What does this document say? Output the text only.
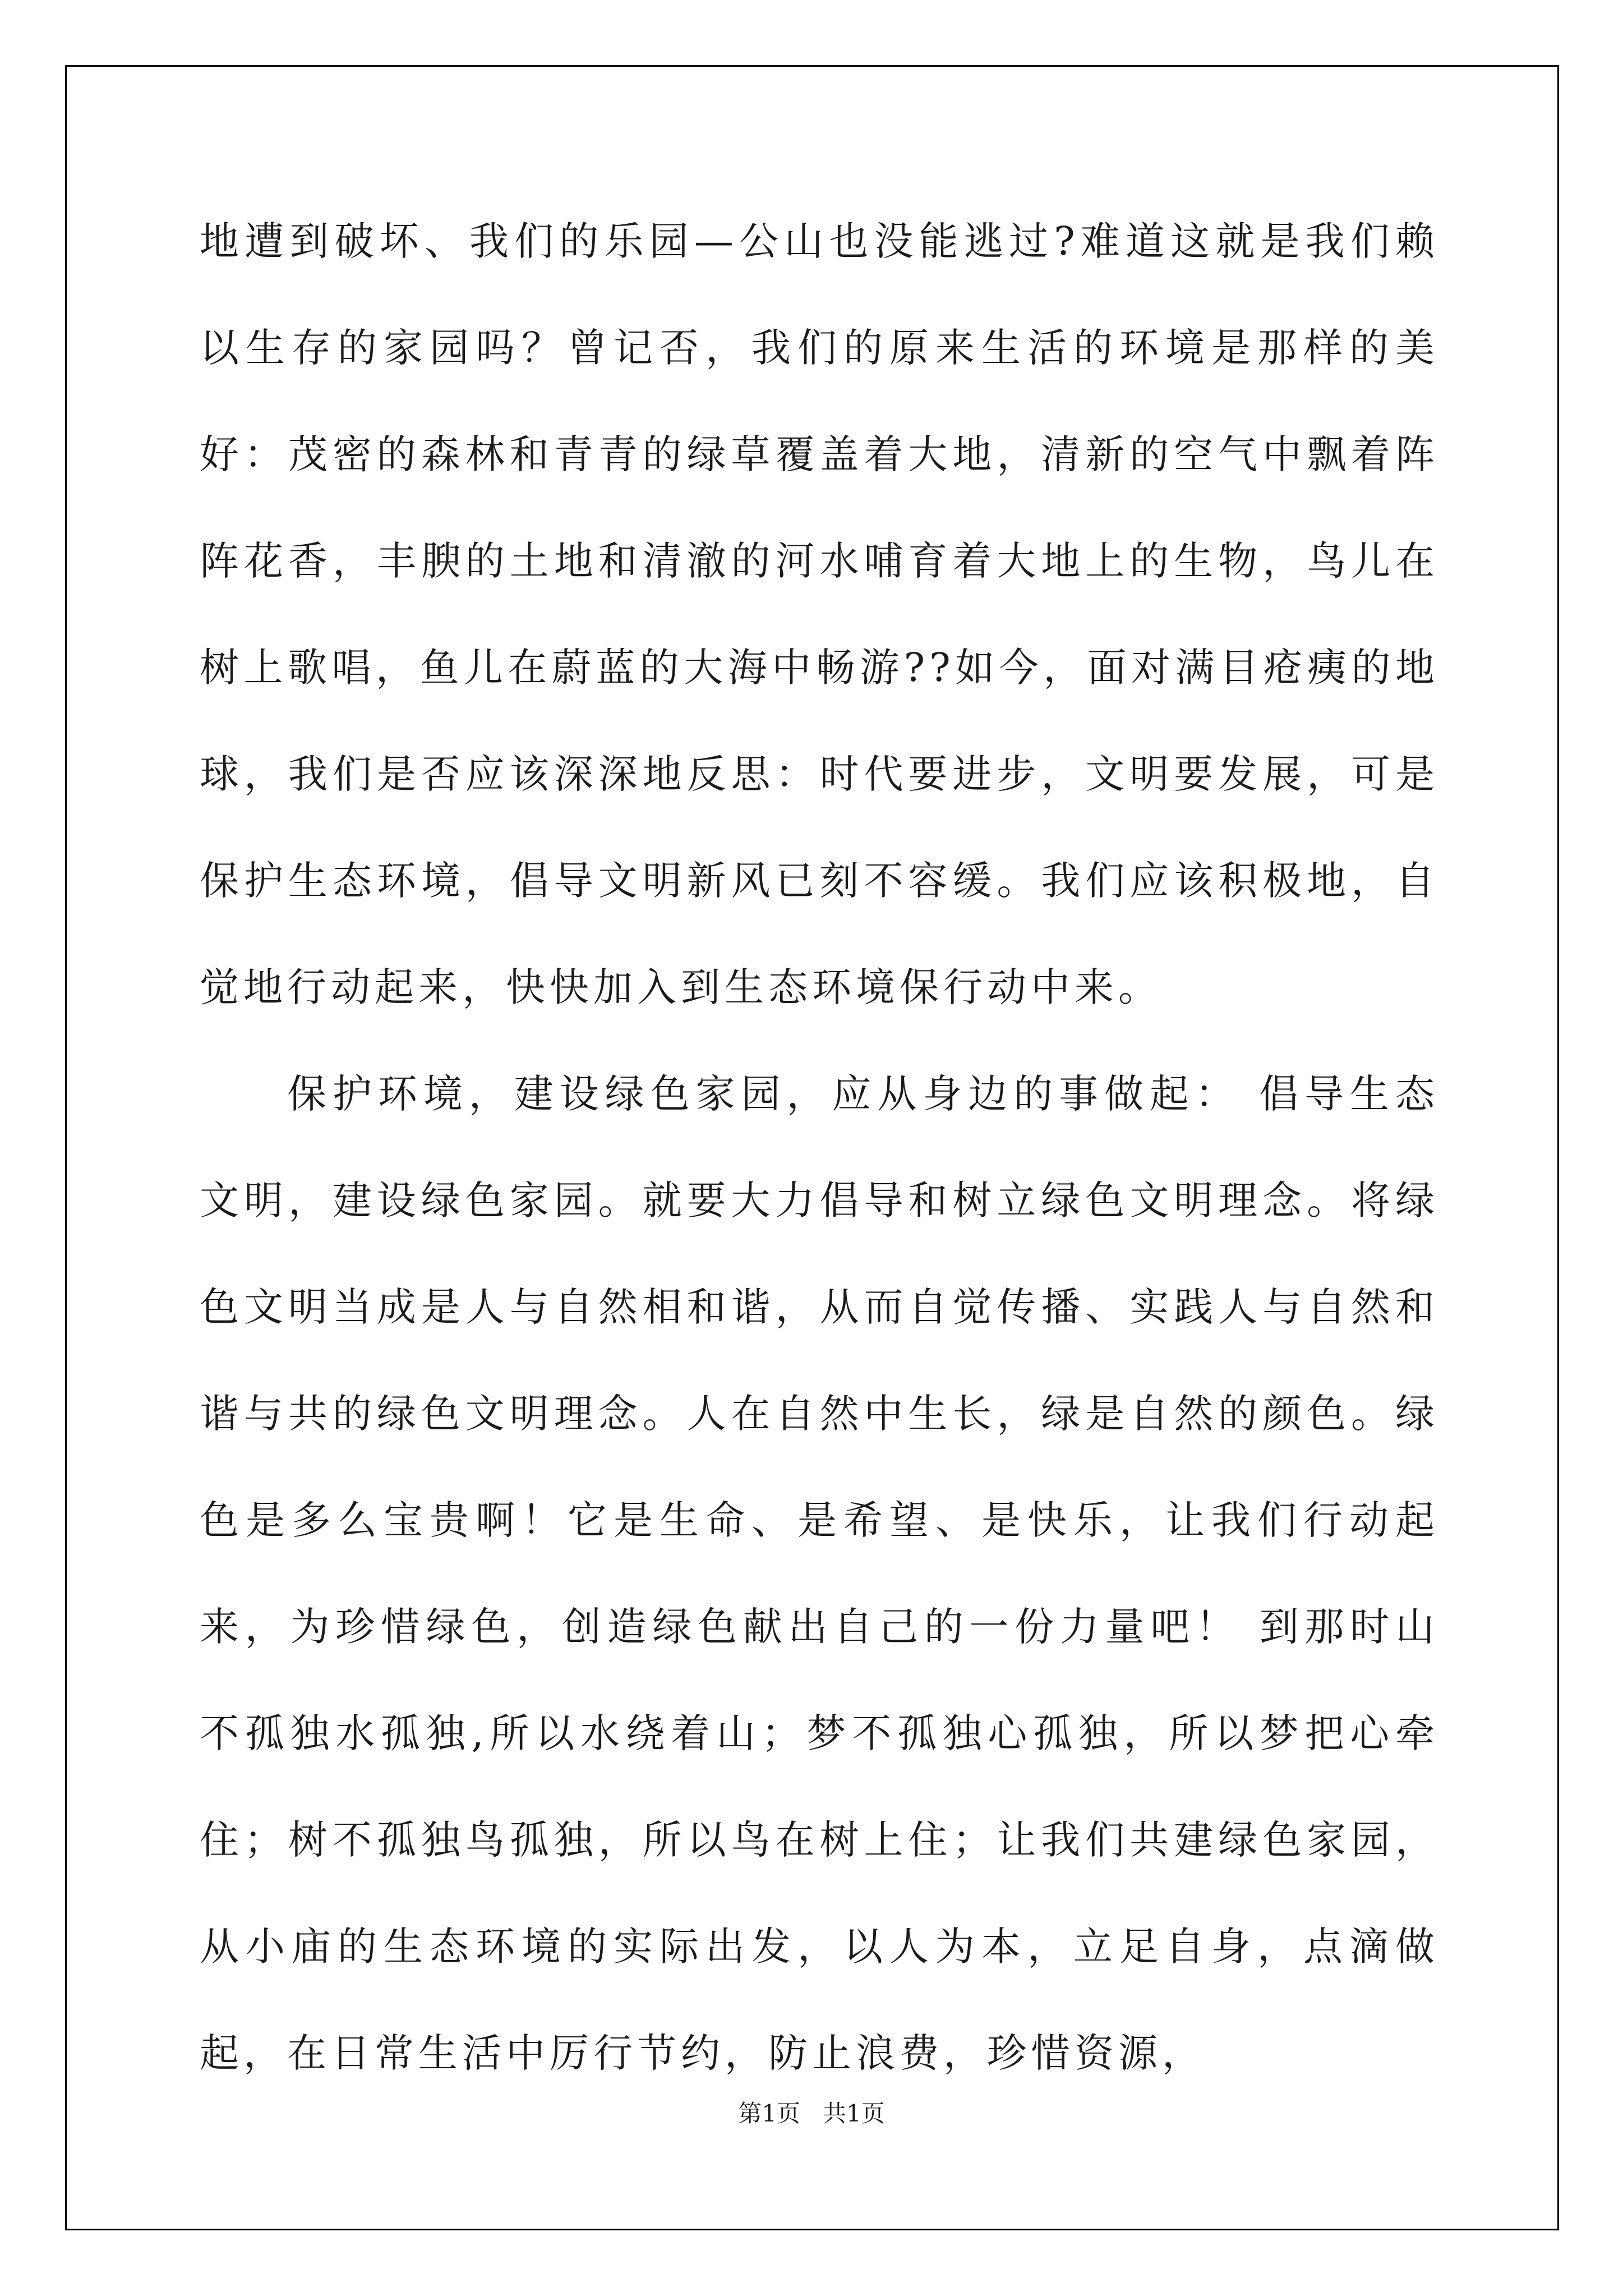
地遭到破坏、我们的乐园—公山也没能逃过?难道这就是我们赖以生存的家园吗？曾记否，我们的原来生活的环境是那样的美好：茂密的森林和青青的绿草覆盖着大地，清新的空气中飘着阵阵花香，丰腴的土地和清澈的河水哺育着大地上的生物，鸟儿在树上歌唱，鱼儿在蔚蓝的大海中畅游??如今，面对满目疮痍的地球，我们是否应该深深地反思：时代要进步，文明要发展，可是保护生态环境，倡导文明新风已刻不容缓。我们应该积极地，自觉地行动起来，快快加入到生态环境保行动中来。

保护环境，建设绿色家园，应从身边的事做起： 倡导生态文明，建设绿色家园。就要大力倡导和树立绿色文明理念。将绿色文明当成是人与自然相和谐，从而自觉传播、实践人与自然和谐与共的绿色文明理念。人在自然中生长，绿是自然的颜色。绿色是多么宝贵啊！它是生命、是希望、是快乐，让我们行动起来，为珍惜绿色，创造绿色献出自己的一份力量吧！ 到那时山不孤独水孤独,所以水绕着山；梦不孤独心孤独，所以梦把心牵住；树不孤独鸟孤独，所以鸟在树上住；让我们共建绿色家园，从小庙的生态环境的实际出发，以人为本，立足自身，点滴做起，在日常生活中厉行节约，防止浪费，珍惜资源，

第1页 共1页
